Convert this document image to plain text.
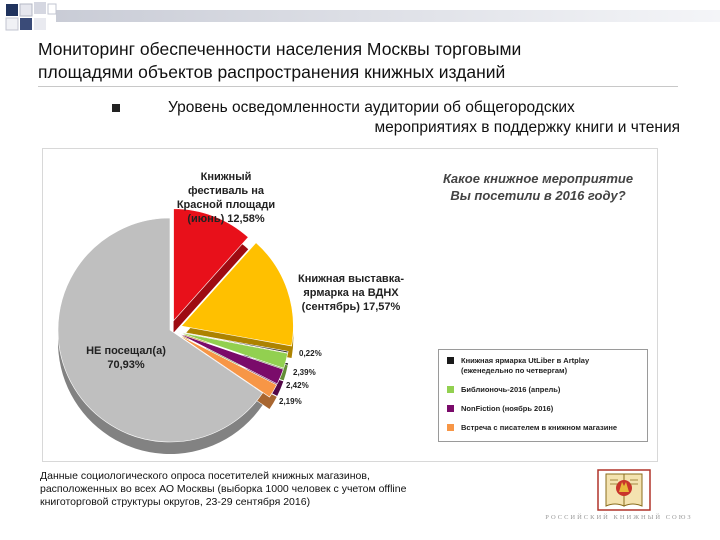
Мониторинг обеспеченности населения Москвы торговыми
площадями объектов распространения книжных изданий
Уровень осведомленности аудитории об общегородских
мероприятиях в поддержку книги и чтения
Какое книжное мероприятие
Вы посетили в 2016 году?
Книжный
фестиваль на
Красной площади
(июнь) 12,58%
Книжная выставка-
ярмарка на ВДНХ
(сентябрь) 17,57%
НЕ посещал(а)
70,93%
0,22%
2,39%
2,42%
2,19%
Книжная ярмарка UtLiber в Artplay
(еженедельно по четвергам)
Библионочь-2016 (апрель)
NonFiction (ноябрь 2016)
Встреча с писателем в книжном магазине
Данные социологического опроса посетителей книжных магазинов,
расположенных во всех АО Москвы (выборка 1000 человек с учетом offline
книготорговой структуры округов, 23-29 сентября 2016)
РОССИЙСКИЙ КНИЖНЫЙ СОЮЗ
